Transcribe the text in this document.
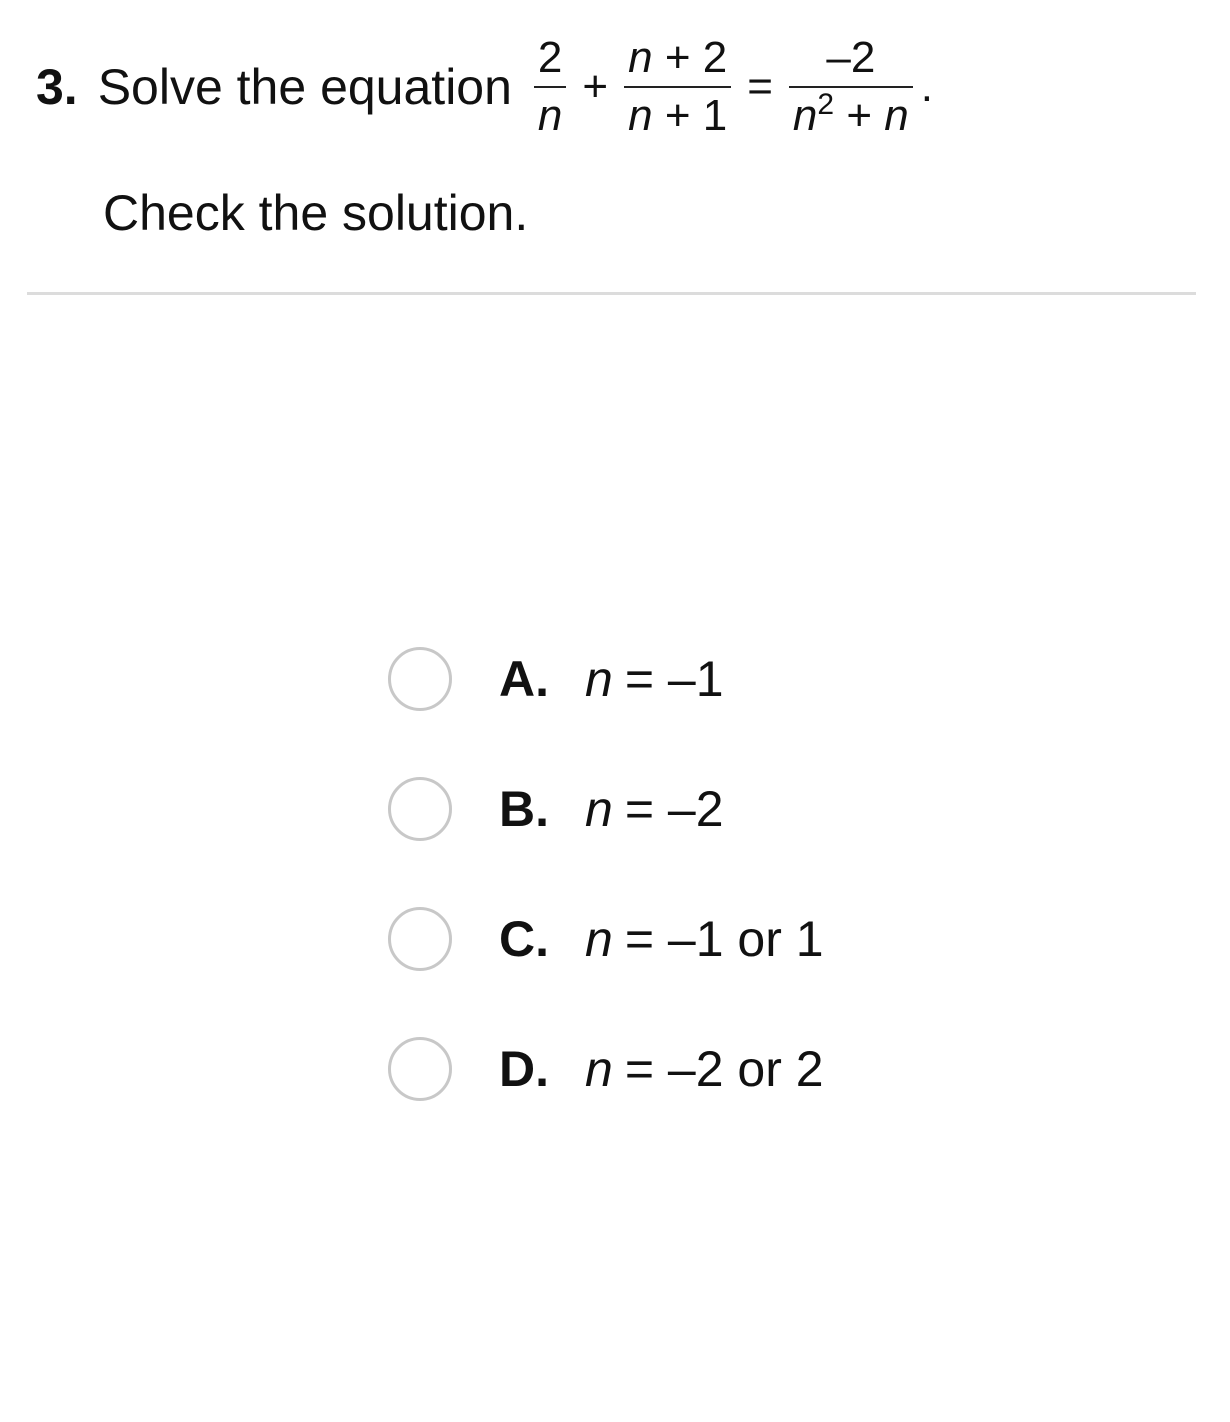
3. Solve the equation $\frac{2}{n} + \frac{n + 2}{n + 1} = \frac{-2}{n^2 + n}$ .
Check the solution.
A. n = –1
B. n = –2
C. n = –1 or 1
D. n = –2 or 2
